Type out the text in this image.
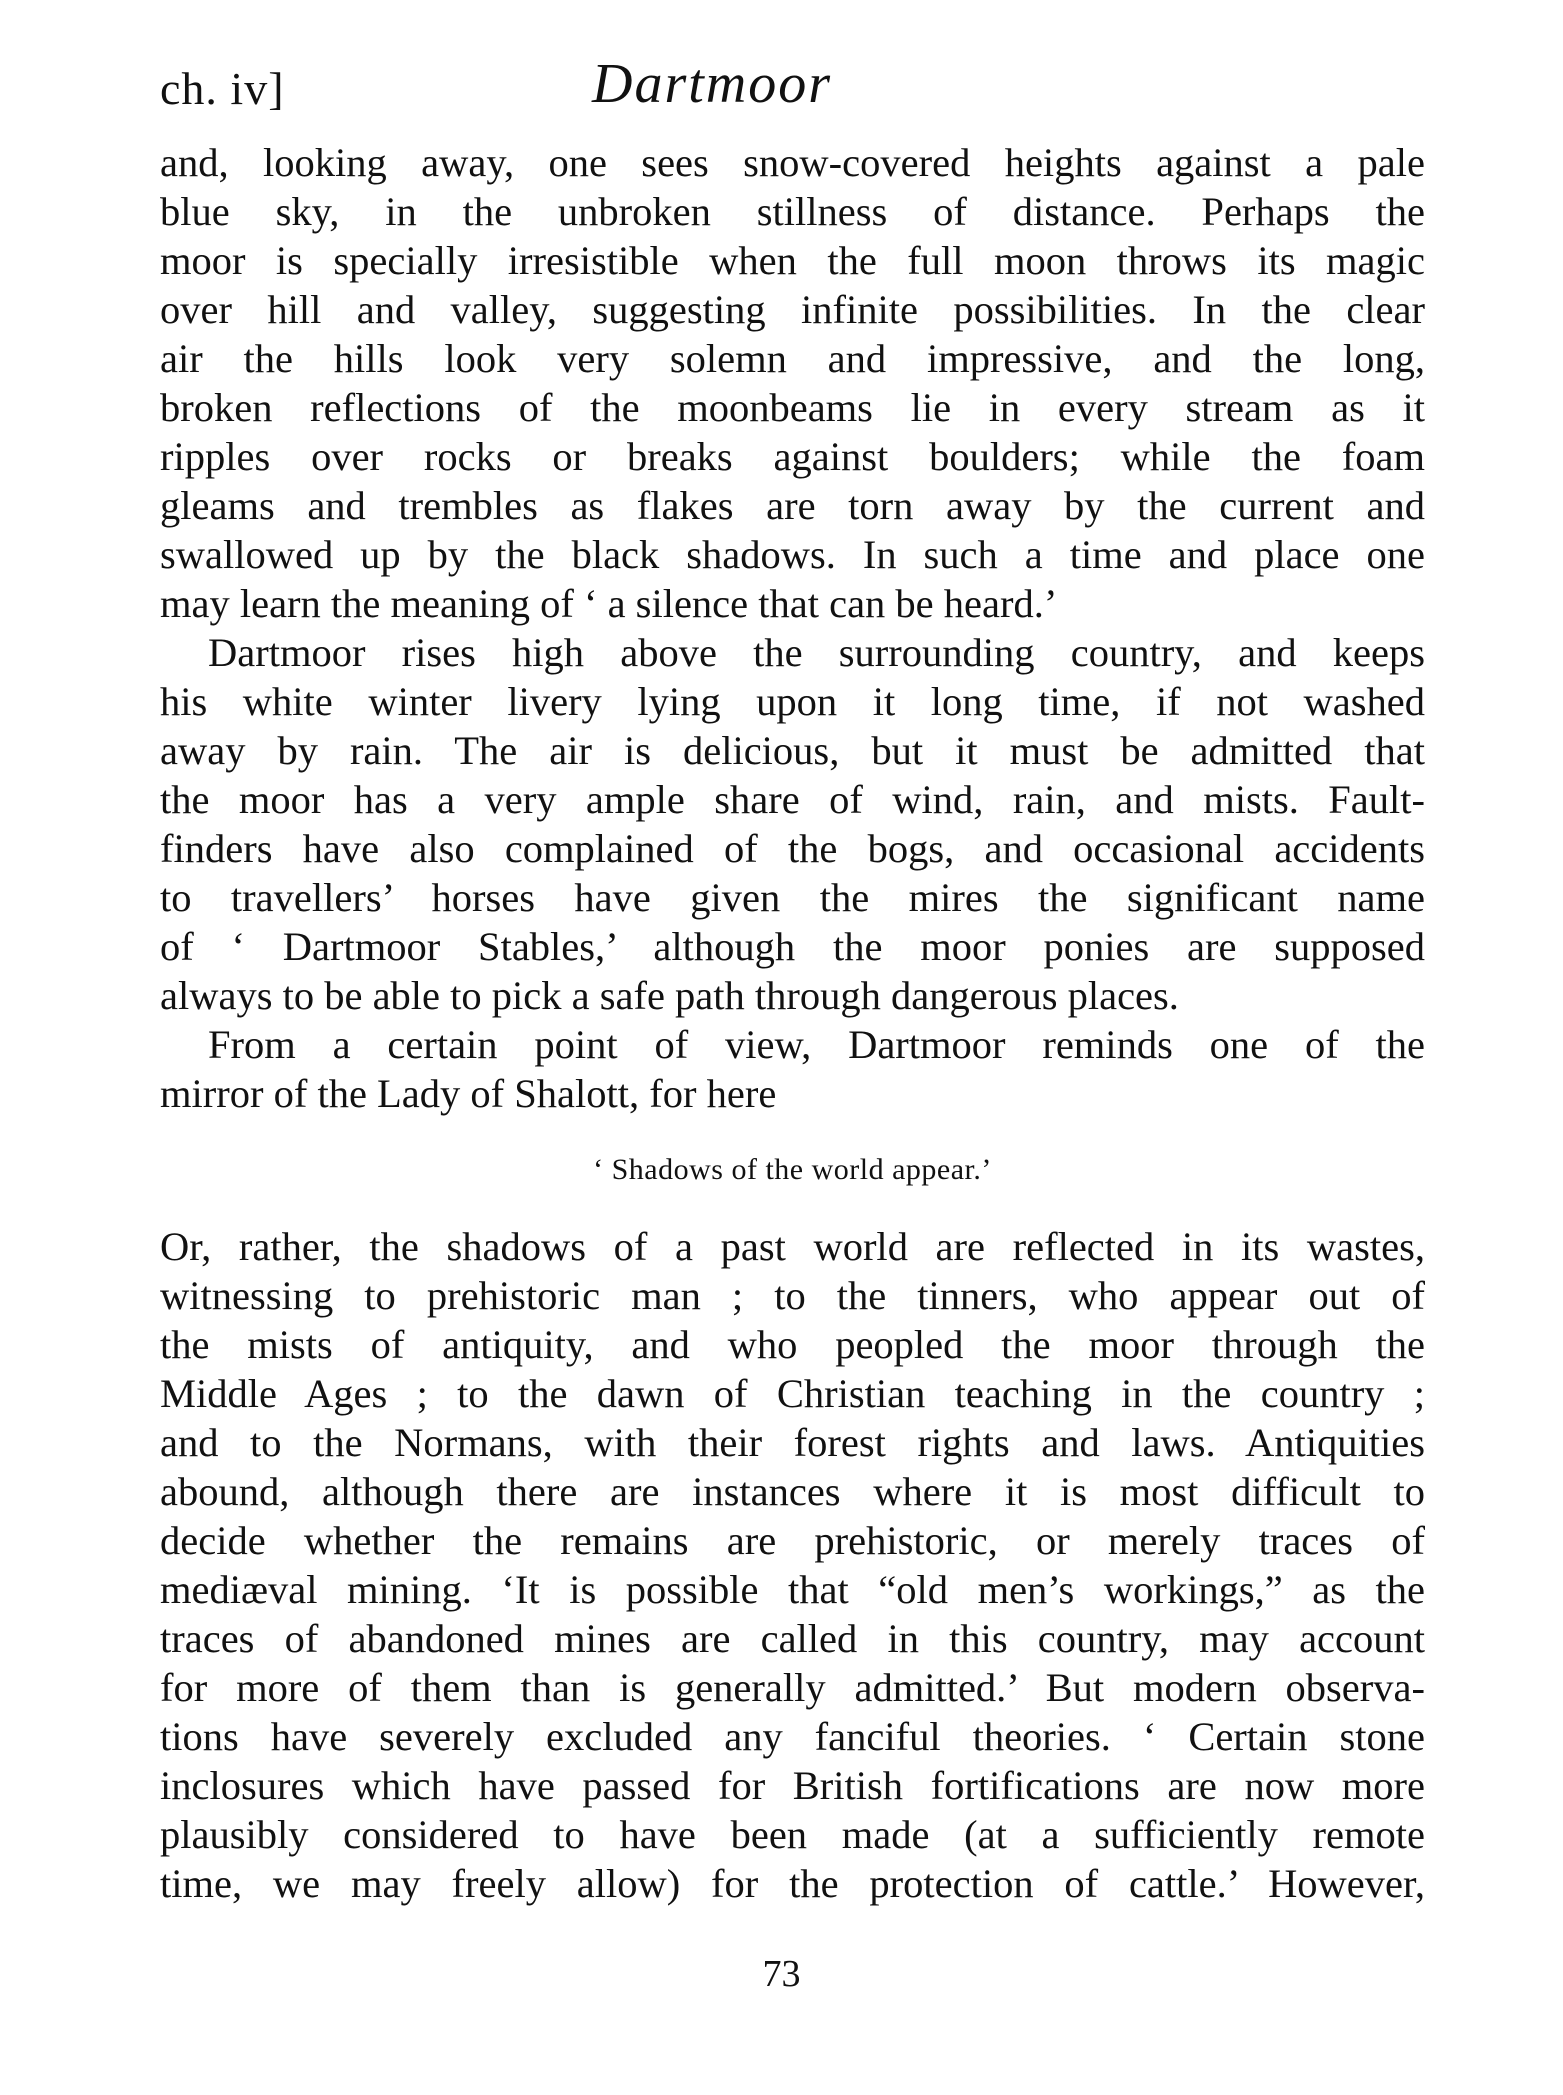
ch. iv]	Dartmoor
and, looking away, one sees snow-covered heights against a pale
blue sky, in the unbroken stillness of distance. Perhaps the
moor is specially irresistible when the full moon throws its magic
over hill and valley, suggesting infinite possibilities. In the clear
air the hills look very solemn and impressive, and the long,
broken reflections of the moonbeams lie in every stream as it
ripples over rocks or breaks against boulders; while the foam
gleams and trembles as flakes are torn away by the current and
swallowed up by the black shadows. In such a time and place one
may learn the meaning of ‘ a silence that can be heard.’
Dartmoor rises high above the surrounding country, and keeps
his white winter livery lying upon it long time, if not washed
away by rain. The air is delicious, but it must be admitted that
the moor has a very ample share of wind, rain, and mists. Fault-
finders have also complained of the bogs, and occasional accidents
to travellers’ horses have given the mires the significant name
of ‘ Dartmoor Stables,’ although the moor ponies are supposed
always to be able to pick a safe path through dangerous places.
From a certain point of view, Dartmoor reminds one of the
mirror of the Lady of Shalott, for here
‘ Shadows of the world appear.’
Or, rather, the shadows of a past world are reflected in its wastes,
witnessing to prehistoric man ; to the tinners, who appear out of
the mists of antiquity, and who peopled the moor through the
Middle Ages ; to the dawn of Christian teaching in the country ;
and to the Normans, with their forest rights and laws. Antiquities
abound, although there are instances where it is most difficult to
decide whether the remains are prehistoric, or merely traces of
mediæval mining. ‘It is possible that “old men’s workings,” as the
traces of abandoned mines are called in this country, may account
for more of them than is generally admitted.’ But modern observa-
tions have severely excluded any fanciful theories. ‘ Certain stone
inclosures which have passed for British fortifications are now more
plausibly considered to have been made (at a sufficiently remote
time, we may freely allow) for the protection of cattle.’ However,
73
